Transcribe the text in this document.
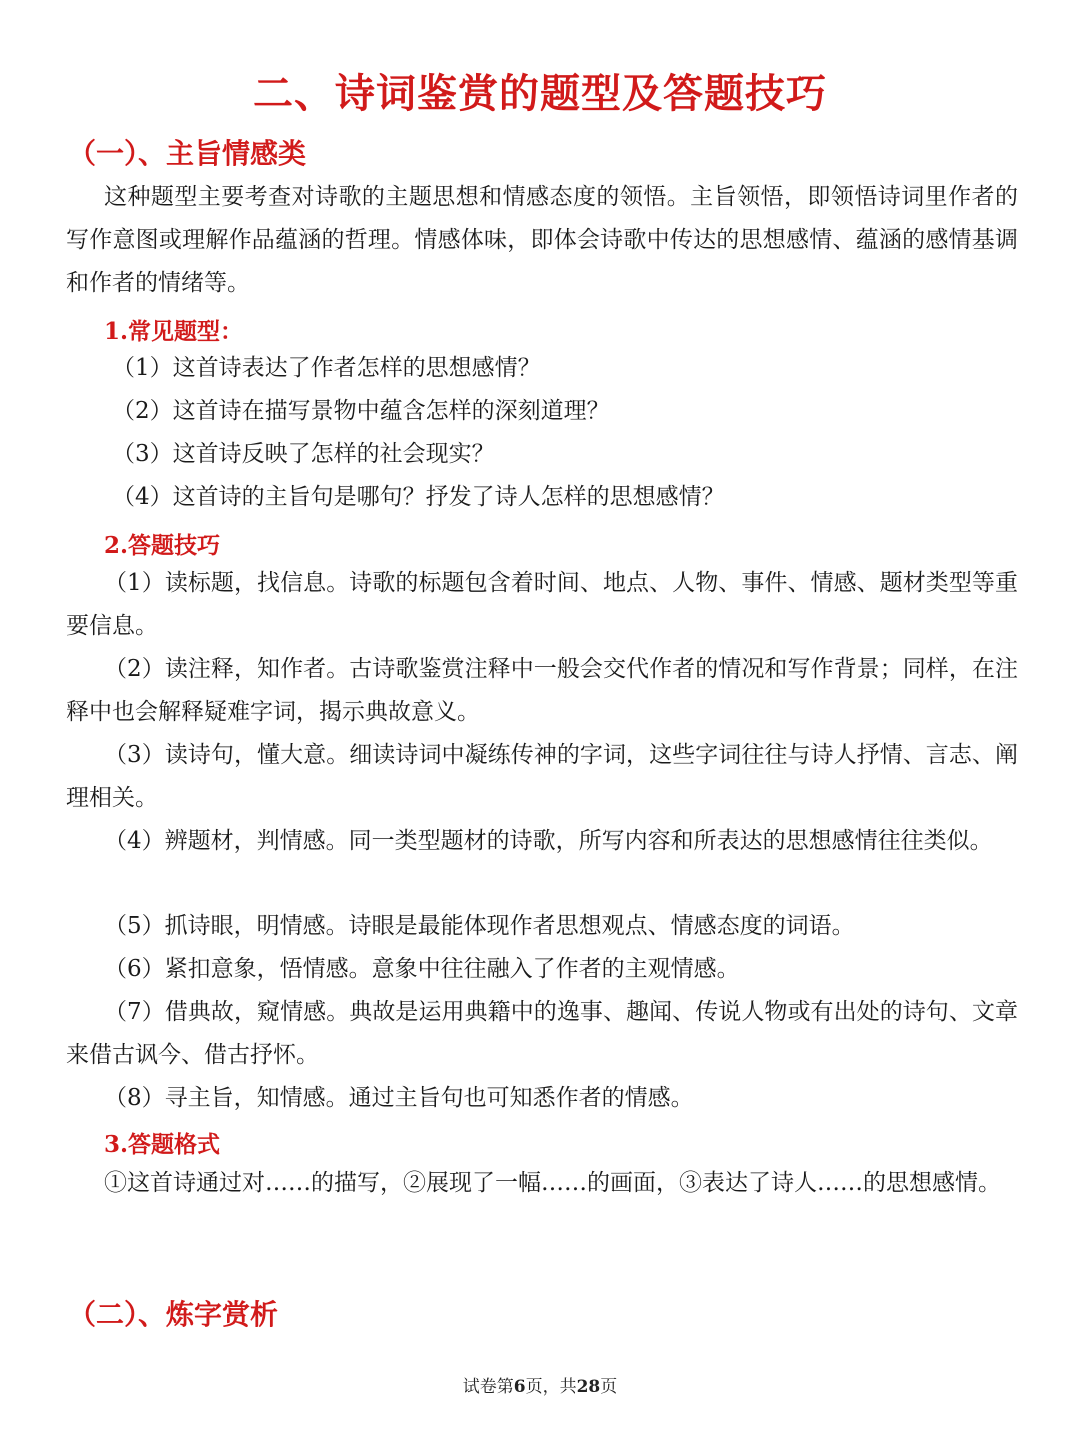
二、诗词鉴赏的题型及答题技巧
（一）、主旨情感类

这种题型主要考查对诗歌的主题思想和情感态度的领悟。主旨领悟，即领悟诗词里作者的写作意图或理解作品蕴涵的哲理。情感体味，即体会诗歌中传达的思想感情、蕴涵的感情基调和作者的情绪等。

1.常见题型：
（1）这首诗表达了作者怎样的思想感情？
（2）这首诗在描写景物中蕴含怎样的深刻道理？
（3）这首诗反映了怎样的社会现实？
（4）这首诗的主旨句是哪句？抒发了诗人怎样的思想感情？
2.答题技巧

（1）读标题，找信息。诗歌的标题包含着时间、地点、人物、事件、情感、题材类型等重要信息。

（2）读注释，知作者。古诗歌鉴赏注释中一般会交代作者的情况和写作背景；同样，在注释中也会解释疑难字词，揭示典故意义。

（3）读诗句，懂大意。细读诗词中凝练传神的字词，这些字词往往与诗人抒情、言志、阐理相关。

（4）辨题材，判情感。同一类型题材的诗歌，所写内容和所表达的思想感情往往类似。

（5）抓诗眼，明情感。诗眼是最能体现作者思想观点、情感态度的词语。

（6）紧扣意象，悟情感。意象中往往融入了作者的主观情感。

（7）借典故，窥情感。典故是运用典籍中的逸事、趣闻、传说人物或有出处的诗句、文章来借古讽今、借古抒怀。

（8）寻主旨，知情感。通过主旨句也可知悉作者的情感。

3.答题格式

①这首诗通过对……的描写，②展现了一幅……的画面，③表达了诗人……的思想感情。

（二）、炼字赏析
试卷第6页，共28页
